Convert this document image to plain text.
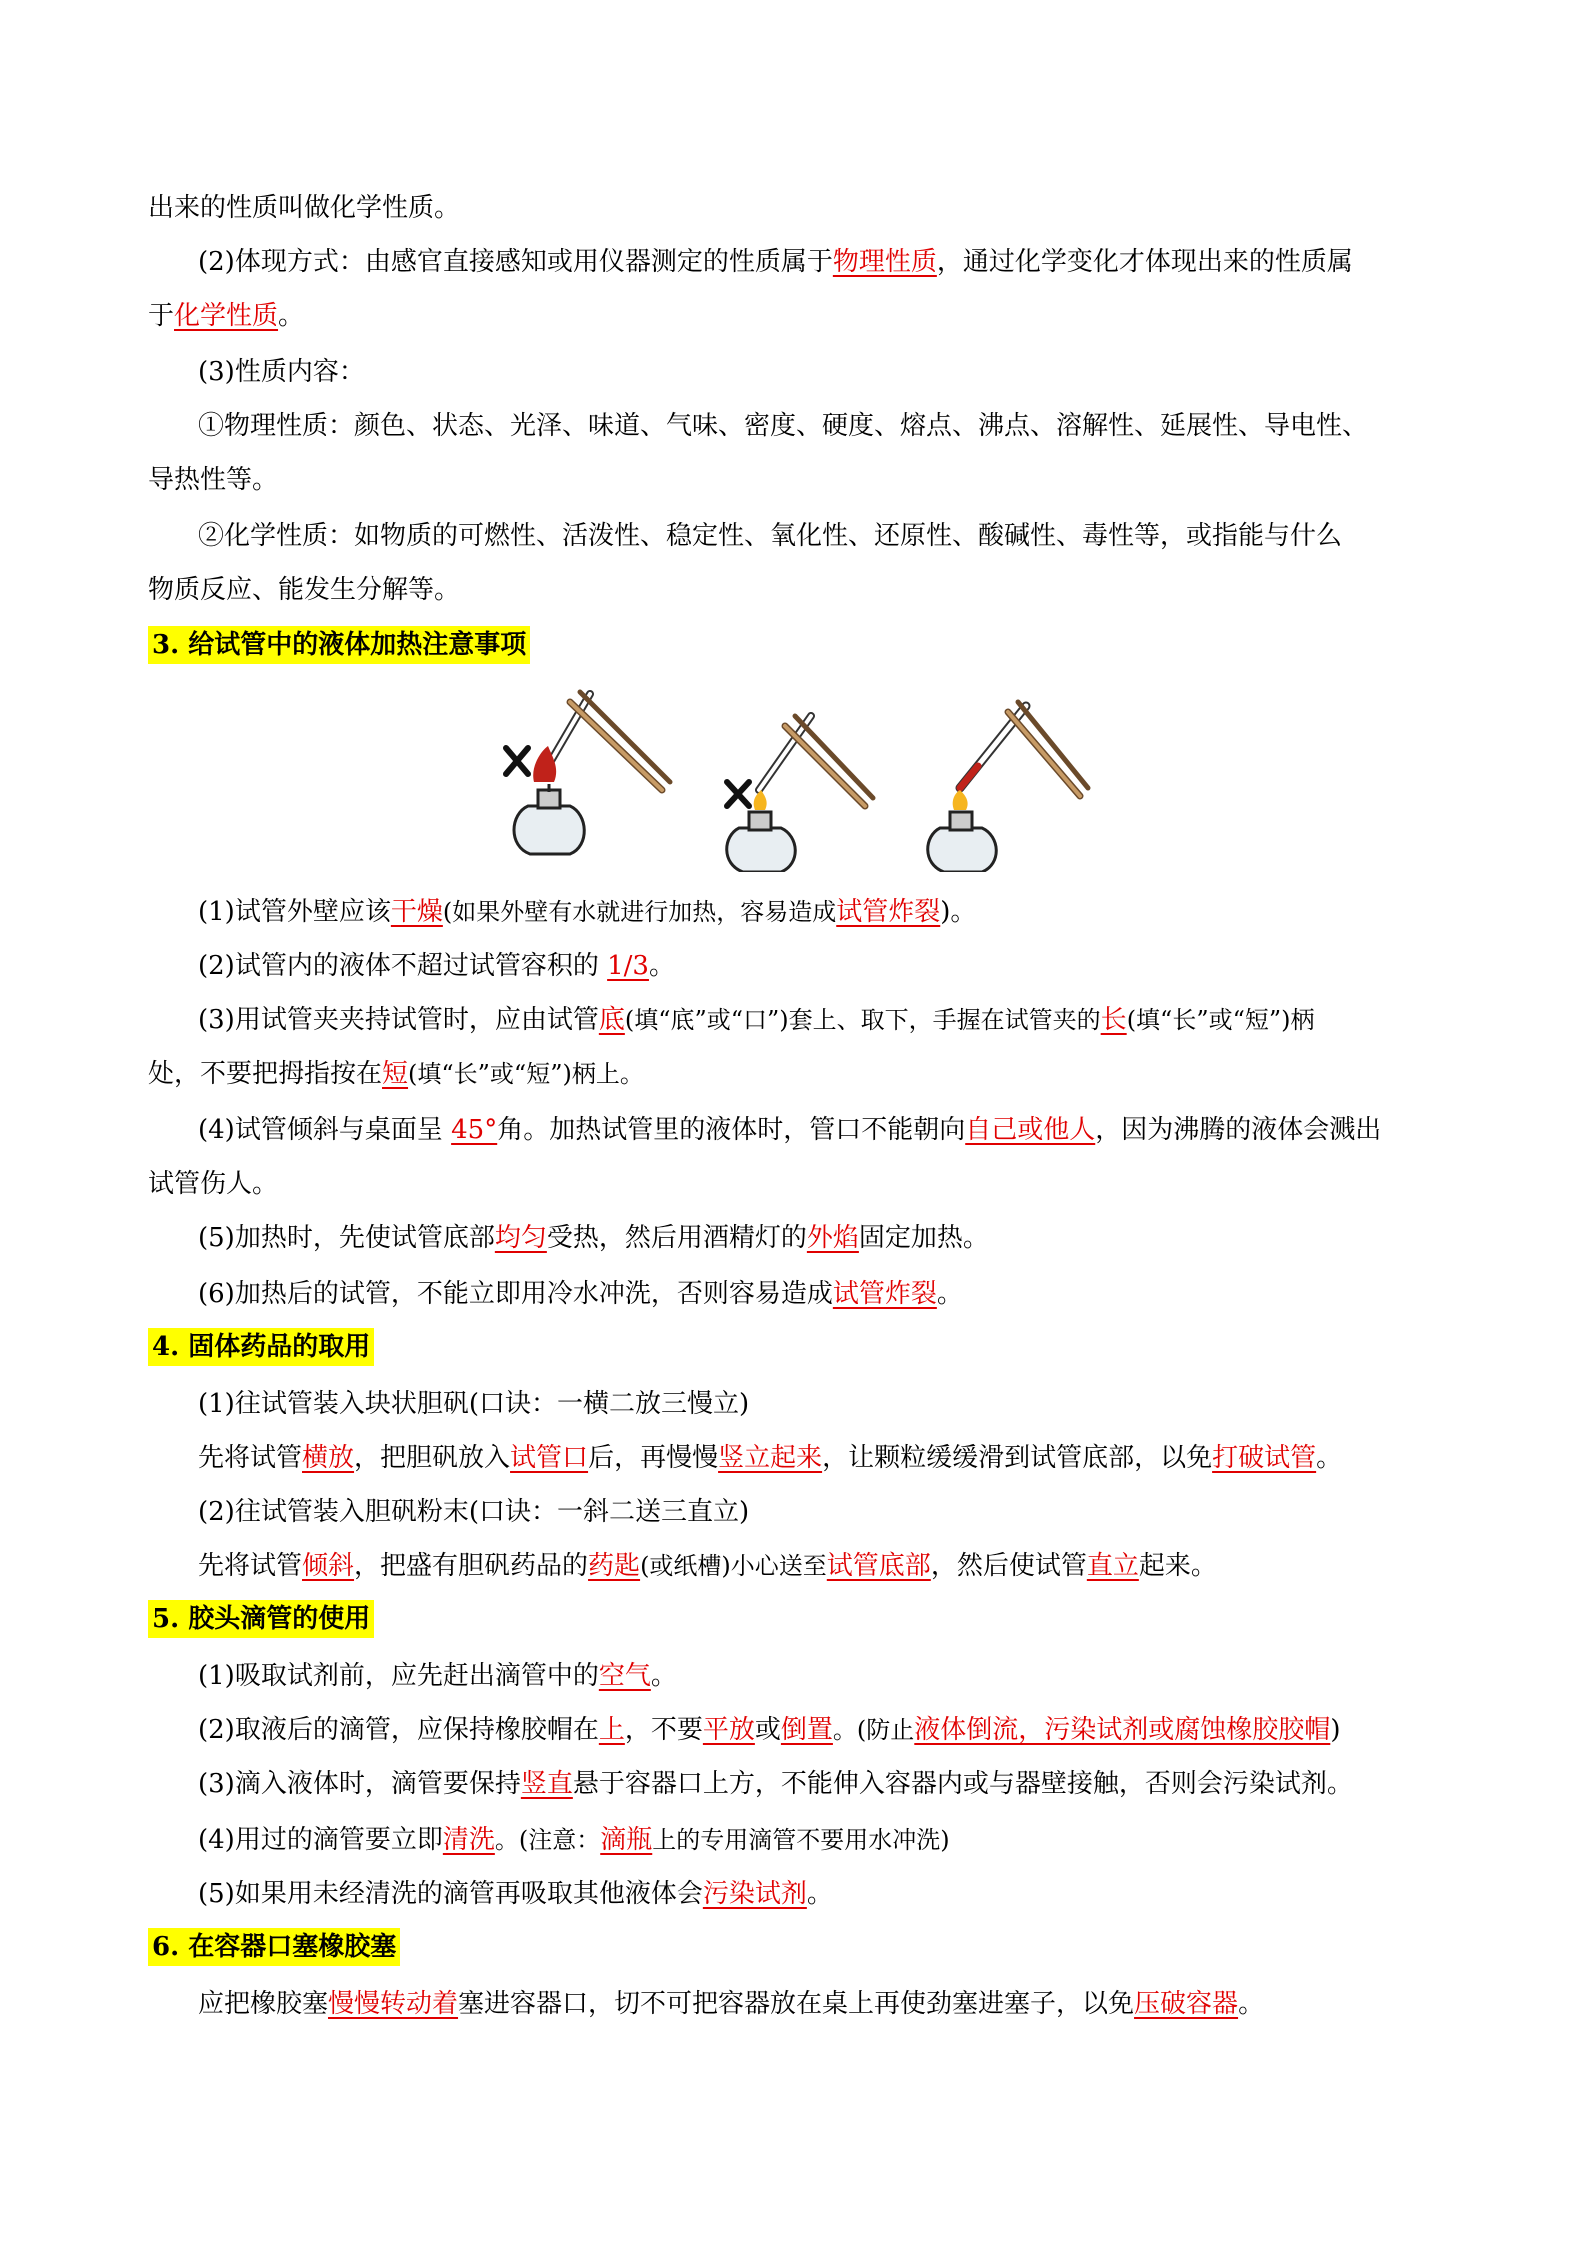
出来的性质叫做化学性质。
(2)体现方式：由感官直接感知或用仪器测定的性质属于物理性质，通过化学变化才体现出来的性质属
于化学性质。
(3)性质内容：
①物理性质：颜色、状态、光泽、味道、气味、密度、硬度、熔点、沸点、溶解性、延展性、导电性、
导热性等。
②化学性质：如物质的可燃性、活泼性、稳定性、氧化性、还原性、酸碱性、毒性等，或指能与什么
物质反应、能发生分解等。
3. 给试管中的液体加热注意事项
(1)试管外壁应该干燥(如果外壁有水就进行加热，容易造成试管炸裂)。
(2)试管内的液体不超过试管容积的 1/3。
(3)用试管夹夹持试管时，应由试管底(填“底”或“口”)套上、取下，手握在试管夹的长(填“长”或“短”)柄
处，不要把拇指按在短(填“长”或“短”)柄上。
(4)试管倾斜与桌面呈 45°角。加热试管里的液体时，管口不能朝向自己或他人，因为沸腾的液体会溅出
试管伤人。
(5)加热时，先使试管底部均匀受热，然后用酒精灯的外焰固定加热。
(6)加热后的试管，不能立即用冷水冲洗，否则容易造成试管炸裂。
4. 固体药品的取用
(1)往试管装入块状胆矾(口诀：一横二放三慢立)
先将试管横放，把胆矾放入试管口后，再慢慢竖立起来，让颗粒缓缓滑到试管底部，以免打破试管。
(2)往试管装入胆矾粉末(口诀：一斜二送三直立)
先将试管倾斜，把盛有胆矾药品的药匙(或纸槽)小心送至试管底部，然后使试管直立起来。
5. 胶头滴管的使用
(1)吸取试剂前，应先赶出滴管中的空气。
(2)取液后的滴管，应保持橡胶帽在上，不要平放或倒置。(防止液体倒流，污染试剂或腐蚀橡胶胶帽)
(3)滴入液体时，滴管要保持竖直悬于容器口上方，不能伸入容器内或与器壁接触，否则会污染试剂。
(4)用过的滴管要立即清洗。(注意：滴瓶上的专用滴管不要用水冲洗)
(5)如果用未经清洗的滴管再吸取其他液体会污染试剂。
6. 在容器口塞橡胶塞
应把橡胶塞慢慢转动着塞进容器口，切不可把容器放在桌上再使劲塞进塞子，以免压破容器。
